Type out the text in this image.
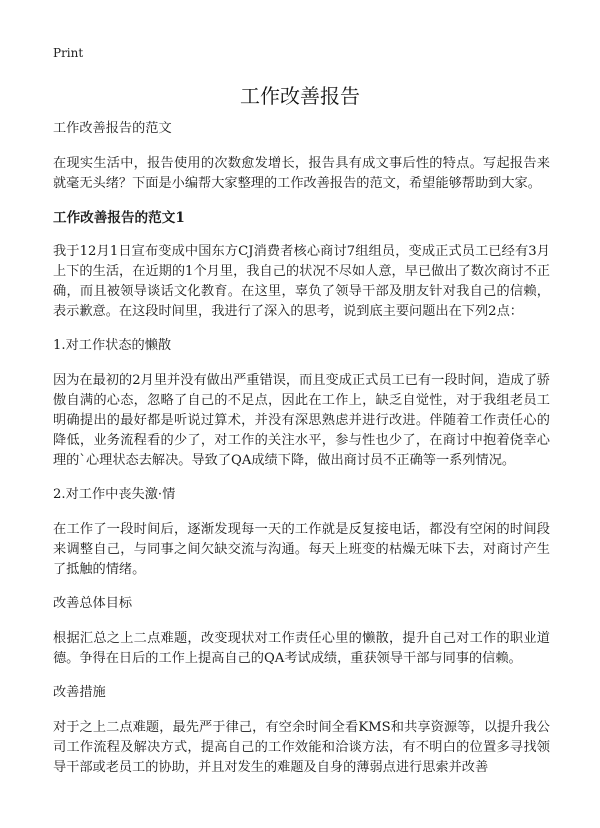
Print
工作改善报告

工作改善报告的范文

在现实生活中，报告使用的次数愈发增长，报告具有成文事后性的特点。写起报告来就毫无头绪？下面是小编帮大家整理的工作改善报告的范文，希望能够帮助到大家。

工作改善报告的范文1

我于12月1日宣布变成中国东方CJ消费者核心商讨7组组员，变成正式员工已经有3月上下的生活，在近期的1个月里，我自己的状况不尽如人意，早已做出了数次商讨不正确，而且被领导谈话文化教育。在这里，辜负了领导干部及朋友针对我自己的信赖，表示歉意。在这段时间里，我进行了深入的思考，说到底主要问题出在下列2点：

1.对工作状态的懒散

因为在最初的2月里并没有做出严重错误，而且变成正式员工已有一段时间，造成了骄傲自满的心态，忽略了自己的不足点，因此在工作上，缺乏自觉性，对于我组老员工明确提出的最好都是听说过算术，并没有深思熟虑并进行改进。伴随着工作责任心的降低，业务流程看的少了，对工作的关注水平，参与性也少了，在商讨中抱着侥幸心理的`心理状态去解决。导致了QA成绩下降，做出商讨员不正确等一系列情况。

2.对工作中丧失激·情

在工作了一段时间后，逐渐发现每一天的工作就是反复接电话，都没有空闲的时间段来调整自己，与同事之间欠缺交流与沟通。每天上班变的枯燥无味下去，对商讨产生了抵触的情绪。

改善总体目标

根据汇总之上二点难题，改变现状对工作责任心里的懒散，提升自己对工作的职业道德。争得在日后的工作上提高自己的QA考试成绩，重获领导干部与同事的信赖。

改善措施

对于之上二点难题，最先严于律己，有空余时间全看KMS和共享资源等，以提升我公司工作流程及解决方式，提高自己的工作效能和洽谈方法，有不明白的位置多寻找领导干部或老员工的协助，并且对发生的难题及自身的薄弱点进行思索并改善
